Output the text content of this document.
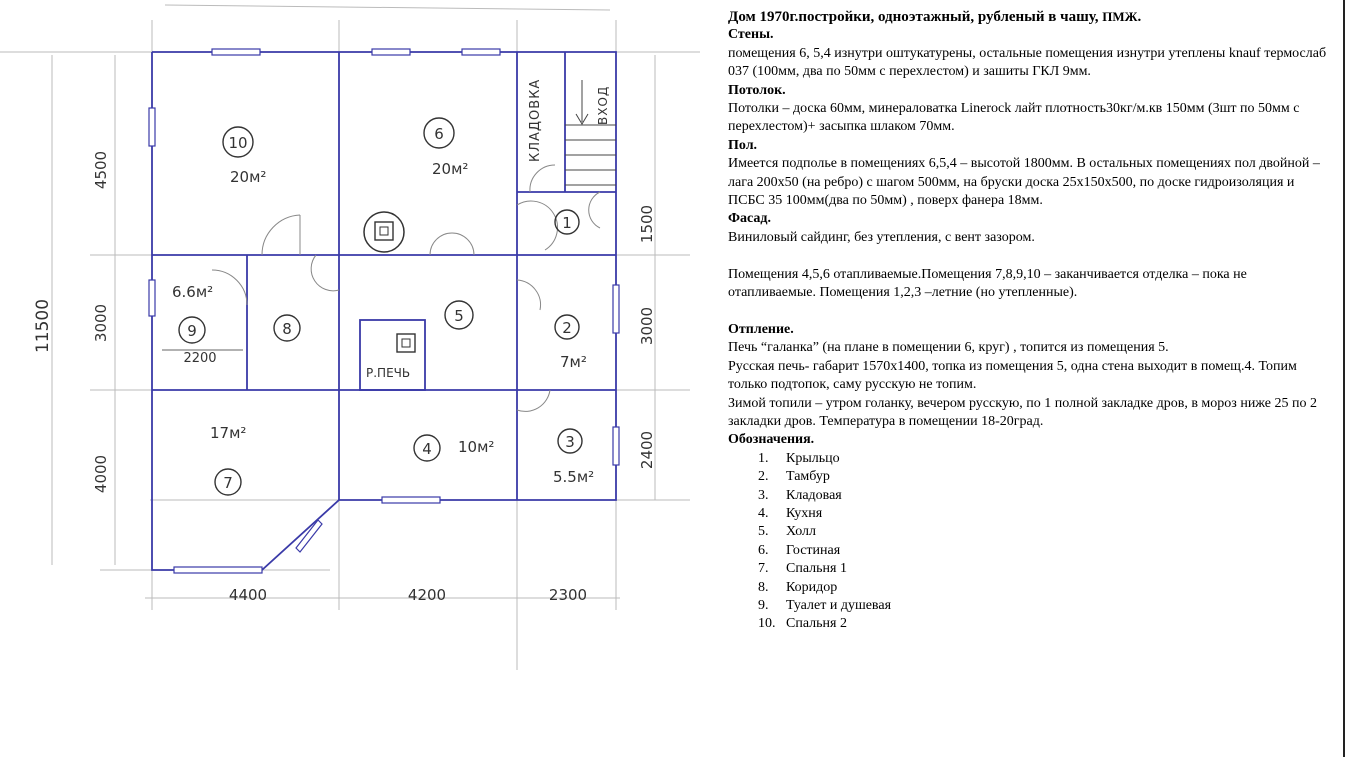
10	6
1
9	8
5
2
7
4	3
20м²	20м²
6.6м²
7м²
17м²
10м²
5.5м²
КЛАДОВКА	ВХОД
Р.ПЕЧЬ
11500
4500
3000
4000
1500
3000
2400
4400	4200	2300
2200

Дом 1970г.постройки, одноэтажный, рубленый в чашу, ПМЖ.

Стены.

помещения 6, 5,4 изнутри оштукатурены, остальные помещения изнутри утеплены knauf термослаб 037 (100мм, два по 50мм с перехлестом) и зашиты ГКЛ 9мм.

Потолок.

Потолки – доска 60мм, минераловатка Linerock лайт плотность30кг/м.кв 150мм (3шт по 50мм с перехлестом)+ засыпка шлаком 70мм.

Пол.

Имеется подполье в помещениях 6,5,4 – высотой 1800мм. В остальных помещениях пол двойной – лага 200х50 (на ребро) с шагом 500мм, на бруски доска 25х150х500, по доске гидроизоляция и ПСБС 35 100мм(два по 50мм) , поверх фанера 18мм.

Фасад.

Виниловый сайдинг, без утепления, с вент зазором.

Помещения 4,5,6 отапливаемые.Помещения 7,8,9,10 – заканчивается отделка – пока не отапливаемые. Помещения 1,2,3 –летние (но утепленные).

Отпление.

Печь “галанка” (на плане в помещении 6, круг) , топится из помещения 5.

Русская печь- габарит 1570х1400, топка из помещения 5, одна стена выходит в помещ.4. Топим только подтопок, саму русскую не топим.

Зимой топили – утром голанку, вечером русскую, по 1 полной закладке дров, в мороз ниже 25 по 2 закладки дров. Температура в помещении 18-20град.

Обозначения.

1. Крыльцо
2. Тамбур
3. Кладовая
4. Кухня
5. Холл
6. Гостиная
7. Спальня 1
8. Коридор
9. Туалет и душевая
10. Спальня 2
